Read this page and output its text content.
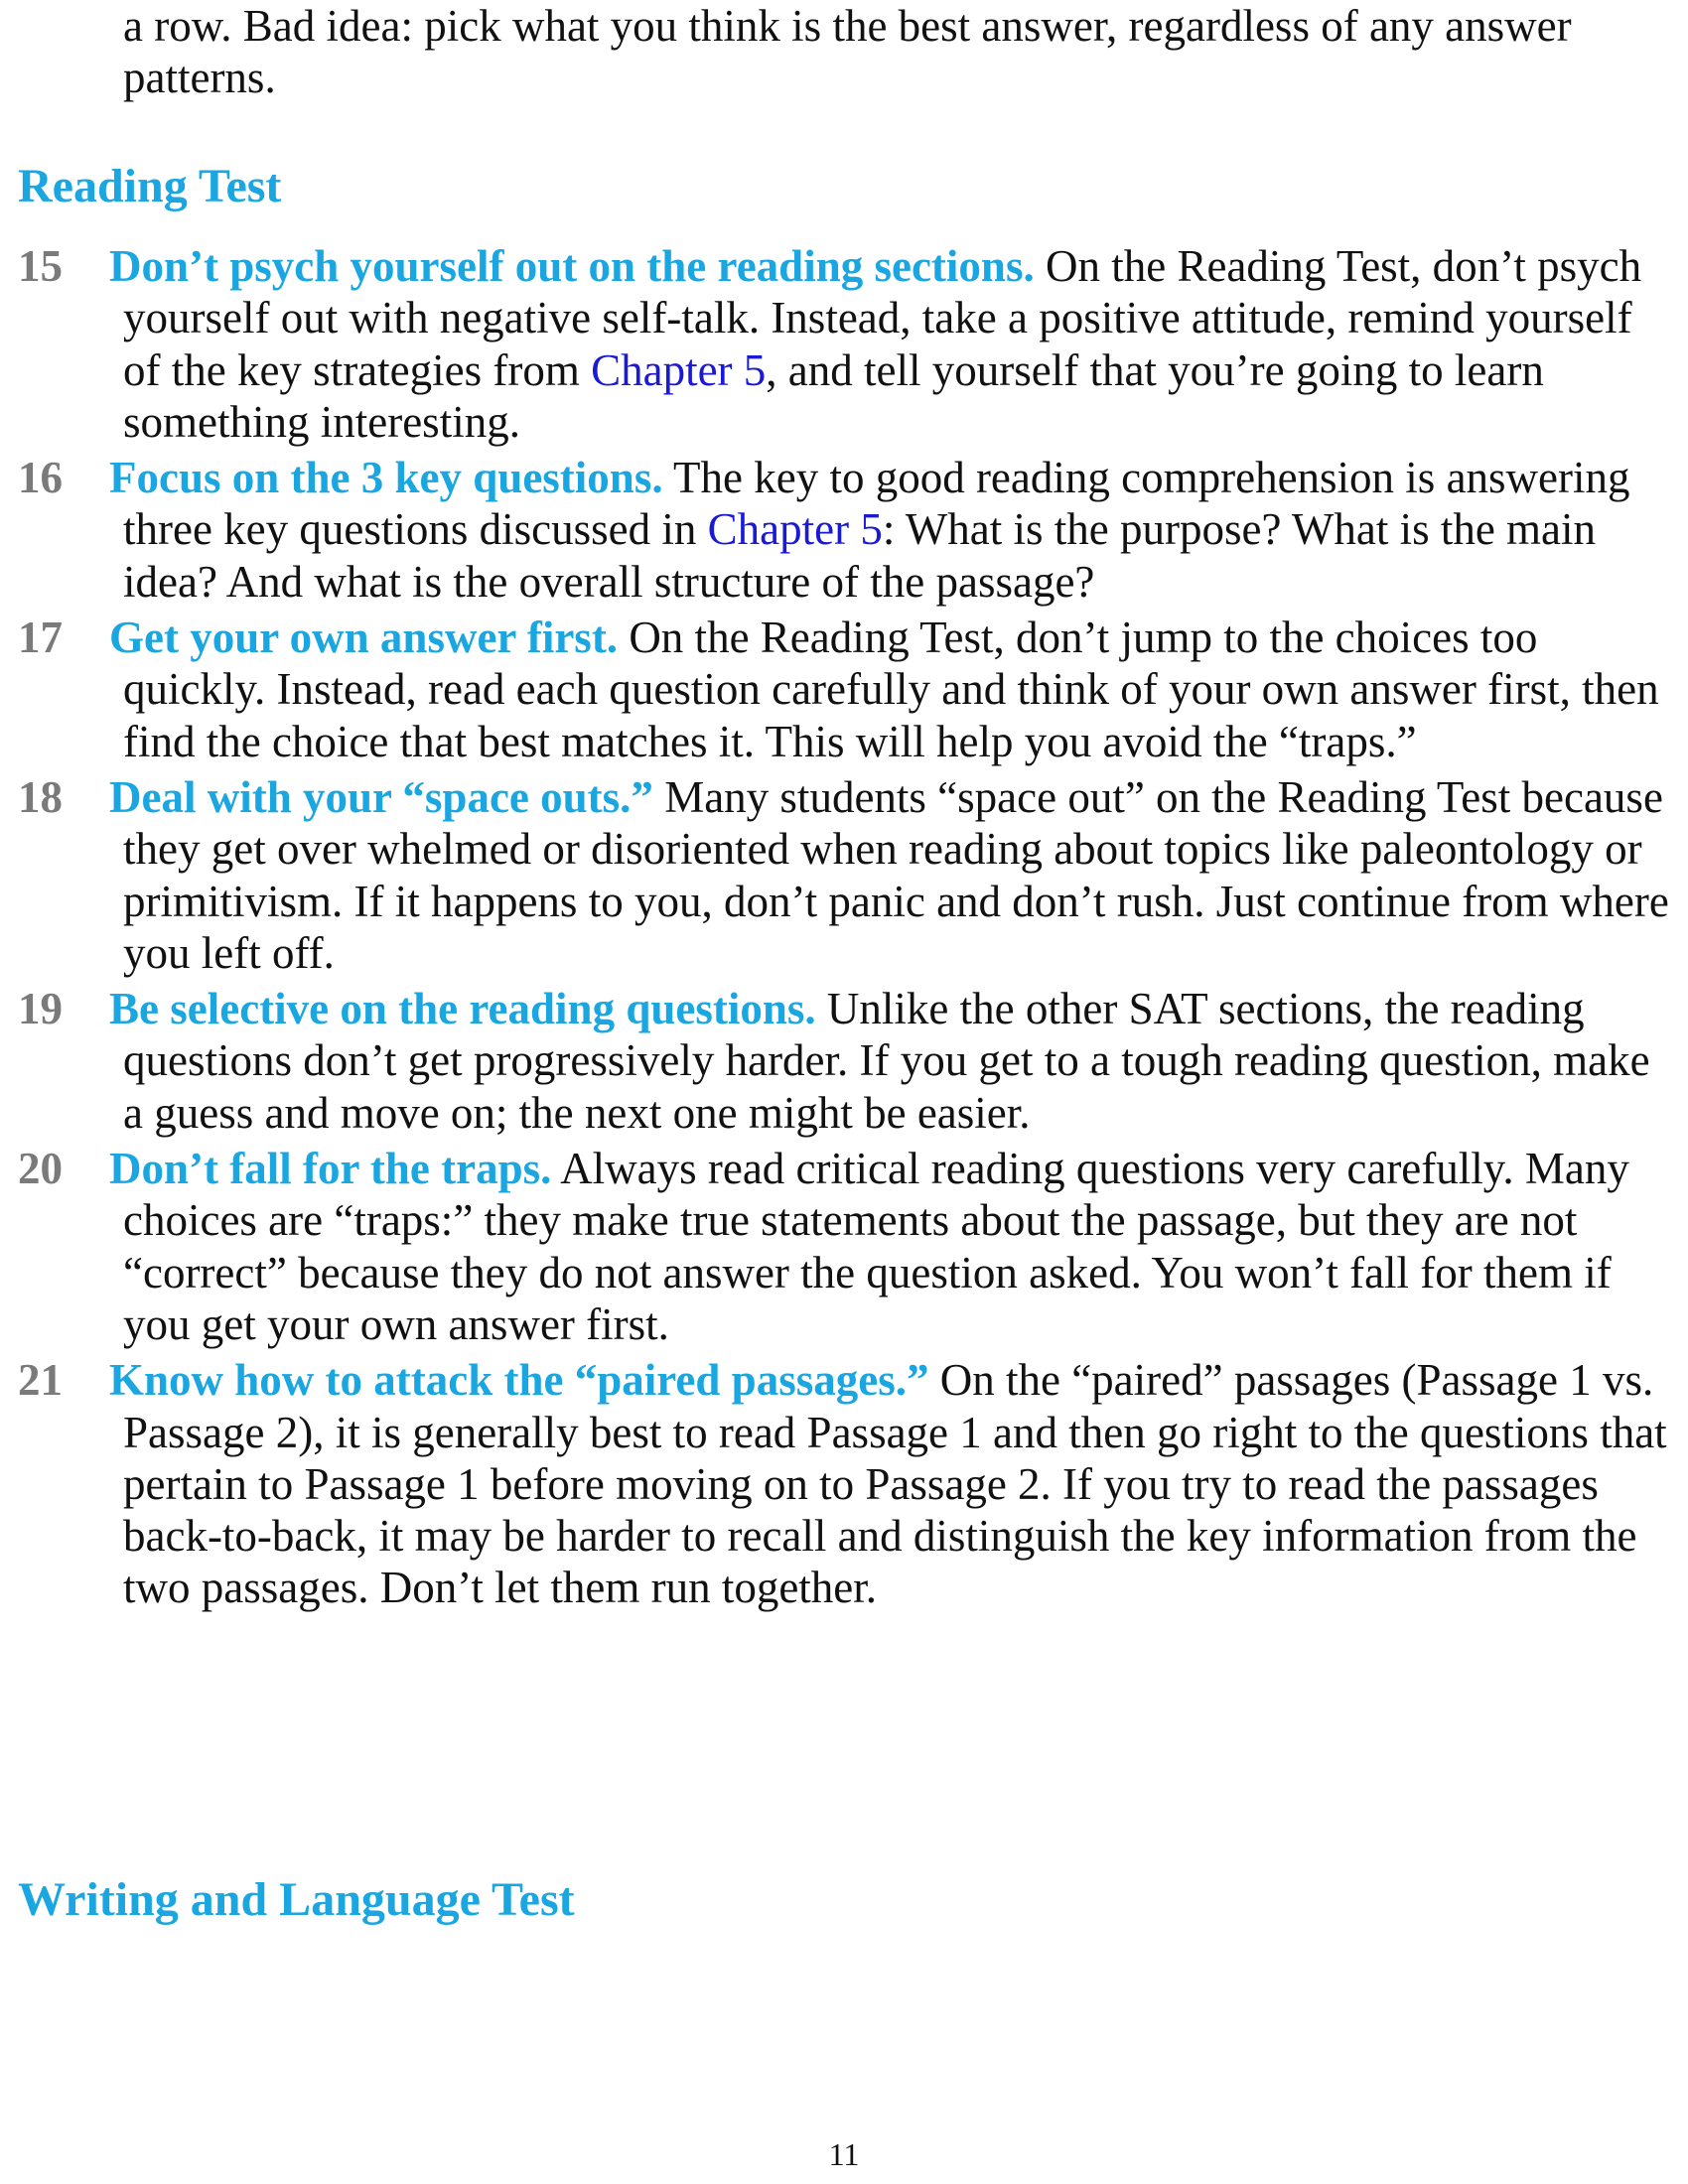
a row. Bad idea: pick what you think is the best answer, regardless of any answer patterns.
Reading Test
15 Don’t psych yourself out on the reading sections. On the Reading Test, don’t psych yourself out with negative self-talk. Instead, take a positive attitude, remind yourself of the key strategies from Chapter 5, and tell yourself that you’re going to learn something interesting.
16 Focus on the 3 key questions. The key to good reading comprehension is answering three key questions discussed in Chapter 5: What is the purpose? What is the main idea? And what is the overall structure of the passage?
17 Get your own answer first. On the Reading Test, don’t jump to the choices too quickly. Instead, read each question carefully and think of your own answer first, then find the choice that best matches it. This will help you avoid the “traps.”
18 Deal with your “space outs.” Many students “space out” on the Reading Test because they get over whelmed or disoriented when reading about topics like paleontology or primitivism. If it happens to you, don’t panic and don’t rush. Just continue from where you left off.
19 Be selective on the reading questions. Unlike the other SAT sections, the reading questions don’t get progressively harder. If you get to a tough reading question, make a guess and move on; the next one might be easier.
20 Don’t fall for the traps. Always read critical reading questions very carefully. Many choices are “traps:” they make true statements about the passage, but they are not “correct” because they do not answer the question asked. You won’t fall for them if you get your own answer first.
21 Know how to attack the “paired passages.” On the “paired” passages (Passage 1 vs. Passage 2), it is generally best to read Passage 1 and then go right to the questions that pertain to Passage 1 before moving on to Passage 2. If you try to read the passages back-to-back, it may be harder to recall and distinguish the key information from the two passages. Don’t let them run together.
Writing and Language Test
11
